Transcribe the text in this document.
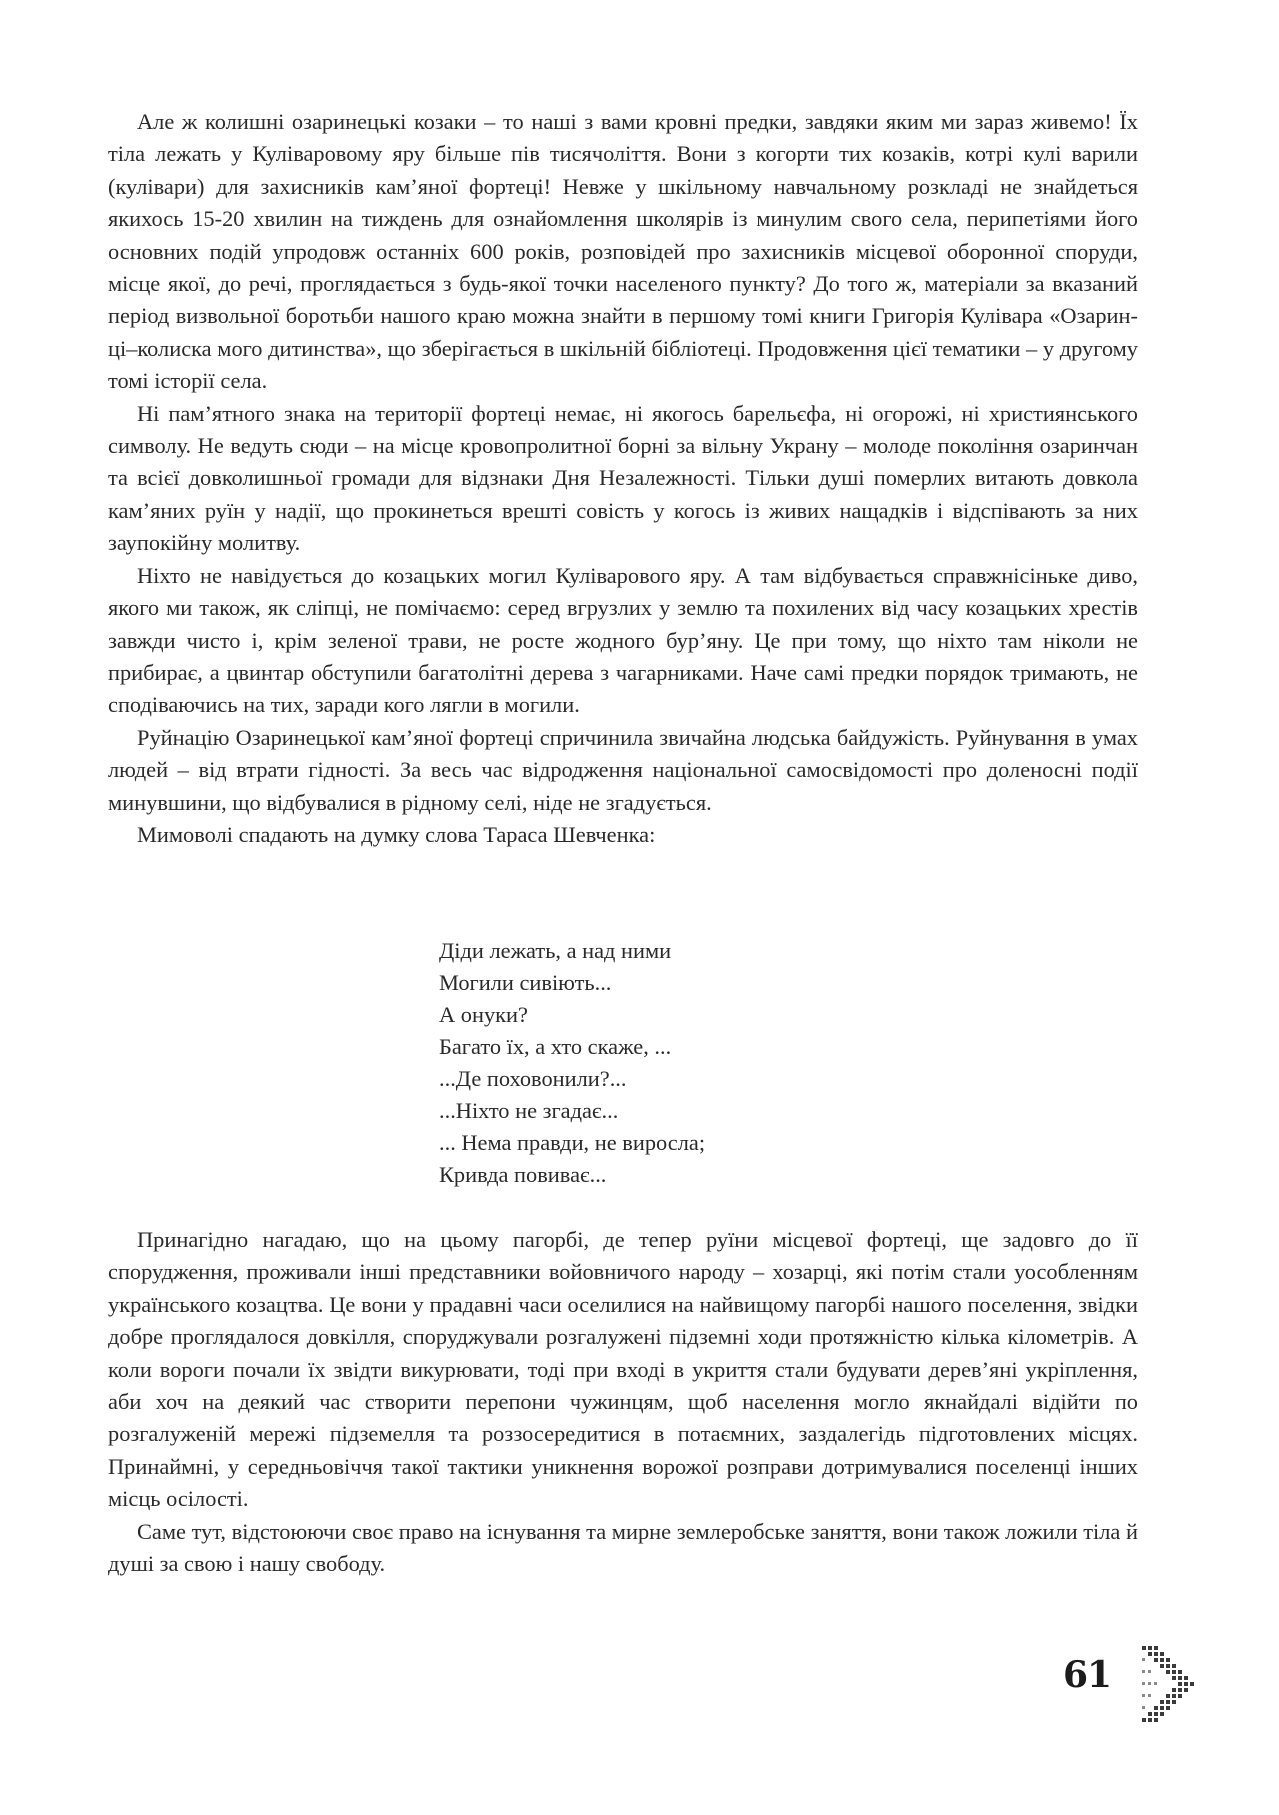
Але ж колишні озаринецькі козаки – то наші з вами кровні предки, завдяки яким ми зараз живемо! Їх тіла лежать у Куліваровому яру більше пів тисячоліття. Вони з когорти тих козаків, котрі кулі варили (кулівари) для захисників кам’яної фортеці! Невже у шкільному навчальному розкладі не знайдеться якихось 15-20 хвилин на тиждень для ознайомлення школярів із минулим свого села, перипетіями його основних подій упродовж останніх 600 років, розповідей про захисників місцевої оборонної споруди, місце якої, до речі, проглядається з будь-якої точки населеного пункту? До того ж, матеріали за вказаний період визвольної боротьби нашого краю можна знайти в першому томі книги Григорія Кулівара «Озаринці–колиска мого дитинства», що зберігається в шкільній бібліотеці. Продовження цієї тематики – у другому томі історії села.

Ні пам’ятного знака на території фортеці немає, ні якогось барельєфа, ні огорожі, ні християнського символу. Не ведуть сюди – на місце кровопролитної борні за вільну Украну – молоде покоління озаринчан та всієї довколишньої громади для відзнаки Дня Незалежності. Тільки душі померлих витають довкола кам’яних руїн у надії, що прокинеться врешті совість у когось із живих нащадків і відспівають за них заупокійну молитву.

Ніхто не навідується до козацьких могил Куліварового яру. А там відбувається справжнісіньке диво, якого ми також, як сліпці, не помічаємо: серед вгрузлих у землю та похилених від часу козацьких хрестів завжди чисто і, крім зеленої трави, не росте жодного бур’яну. Це при тому, що ніхто там ніколи не прибирає, а цвинтар обступили багатолітні дерева з чагарниками. Наче самі предки порядок тримають, не сподіваючись на тих, заради кого лягли в могили.

Руйнацію Озаринецької кам’яної фортеці спричинила звичайна людська байдужість. Руйнування в умах людей – від втрати гідності. За весь час відродження національної самосвідомості про доленосні події минувшини, що відбувалися в рідному селі, ніде не згадується.

Мимоволі спадають на думку слова Тараса Шевченка:

Діди лежать, а над ними
Могили сивіють...
А онуки?
Багато їх, а хто скаже, ...
...Де поховонили?...
...Ніхто не згадає...
... Нема правди, не виросла;
Кривда повиває...

Принагідно нагадаю, що на цьому пагорбі, де тепер руїни місцевої фортеці, ще задовго до її спорудження, проживали інші представники войовничого народу – хозарці, які потім стали уособленням українського козацтва. Це вони у прадавні часи оселилися на найвищому пагорбі нашого поселення, звідки добре проглядалося довкілля, споруджували розгалужені підземні ходи протяжністю кілька кілометрів. А коли вороги почали їх звідти викурювати, тоді при вході в укриття стали будувати дерев’яні укріплення, аби хоч на деякий час створити перепони чужинцям, щоб населення могло якнайдалі відійти по розгалуженій мережі підземелля та роззосередитися в потаємних, заздалегідь підготовлених місцях. Принаймні, у середньовіччя такої тактики уникнення ворожої розправи дотримувалися поселенці інших місць осілості.

Саме тут, відстоюючи своє право на існування та мирне землеробське заняття, вони також ложили тіла й душі за свою і нашу свободу.

61
